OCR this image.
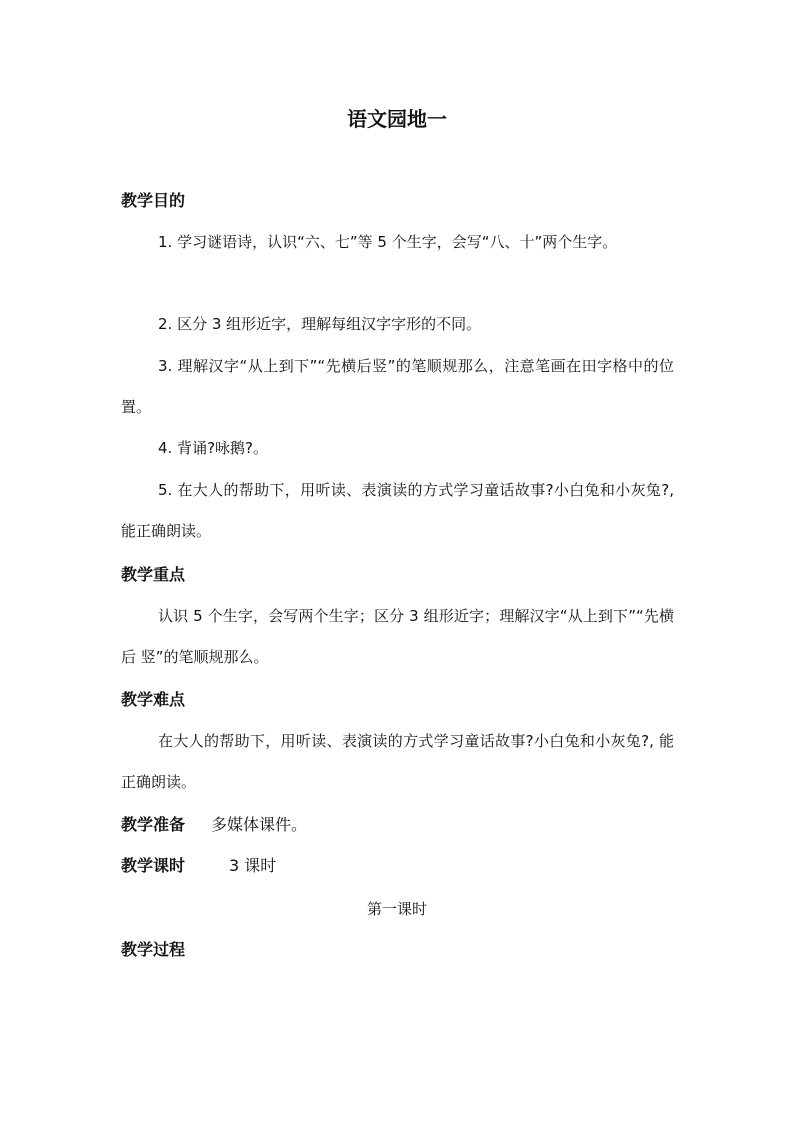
语文园地一
教学目的
1. 学习谜语诗，认识“六、七”等 5 个生字，会写“八、十”两个生字。
2. 区分 3 组形近字，理解每组汉字字形的不同。
3. 理解汉字“从上到下”“先横后竖”的笔顺规那么，注意笔画在田字格中的位置。
4. 背诵?咏鹅?。
5. 在大人的帮助下，用听读、表演读的方式学习童话故事?小白兔和小灰兔?, 能正确朗读。
教学重点
认识 5 个生字，会写两个生字；区分 3 组形近字；理解汉字“从上到下”“先横后 竖”的笔顺规那么。
教学难点
在大人的帮助下，用听读、表演读的方式学习童话故事?小白兔和小灰兔?, 能正确朗读。
教学准备 多媒体课件。
教学课时	3 课时
第一课时
教学过程
